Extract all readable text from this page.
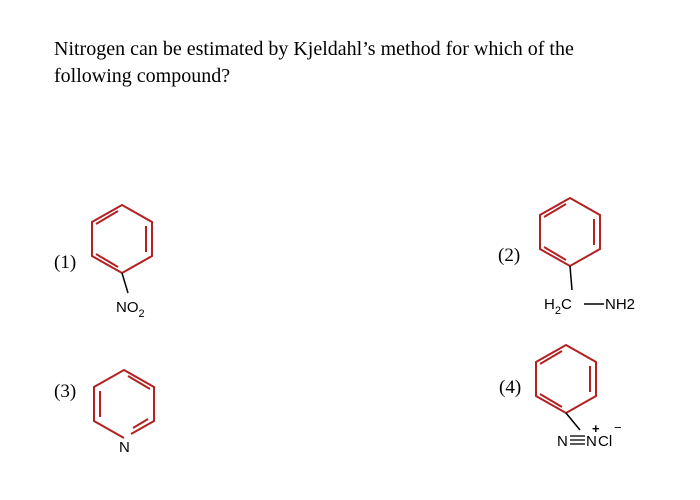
Nitrogen can be estimated by Kjeldahl’s method for which of the
following compound?
(1)	(2)
(3)	(4)
$NO_2$
$H_2C$ NH2
N	N N
+
Cl
−
